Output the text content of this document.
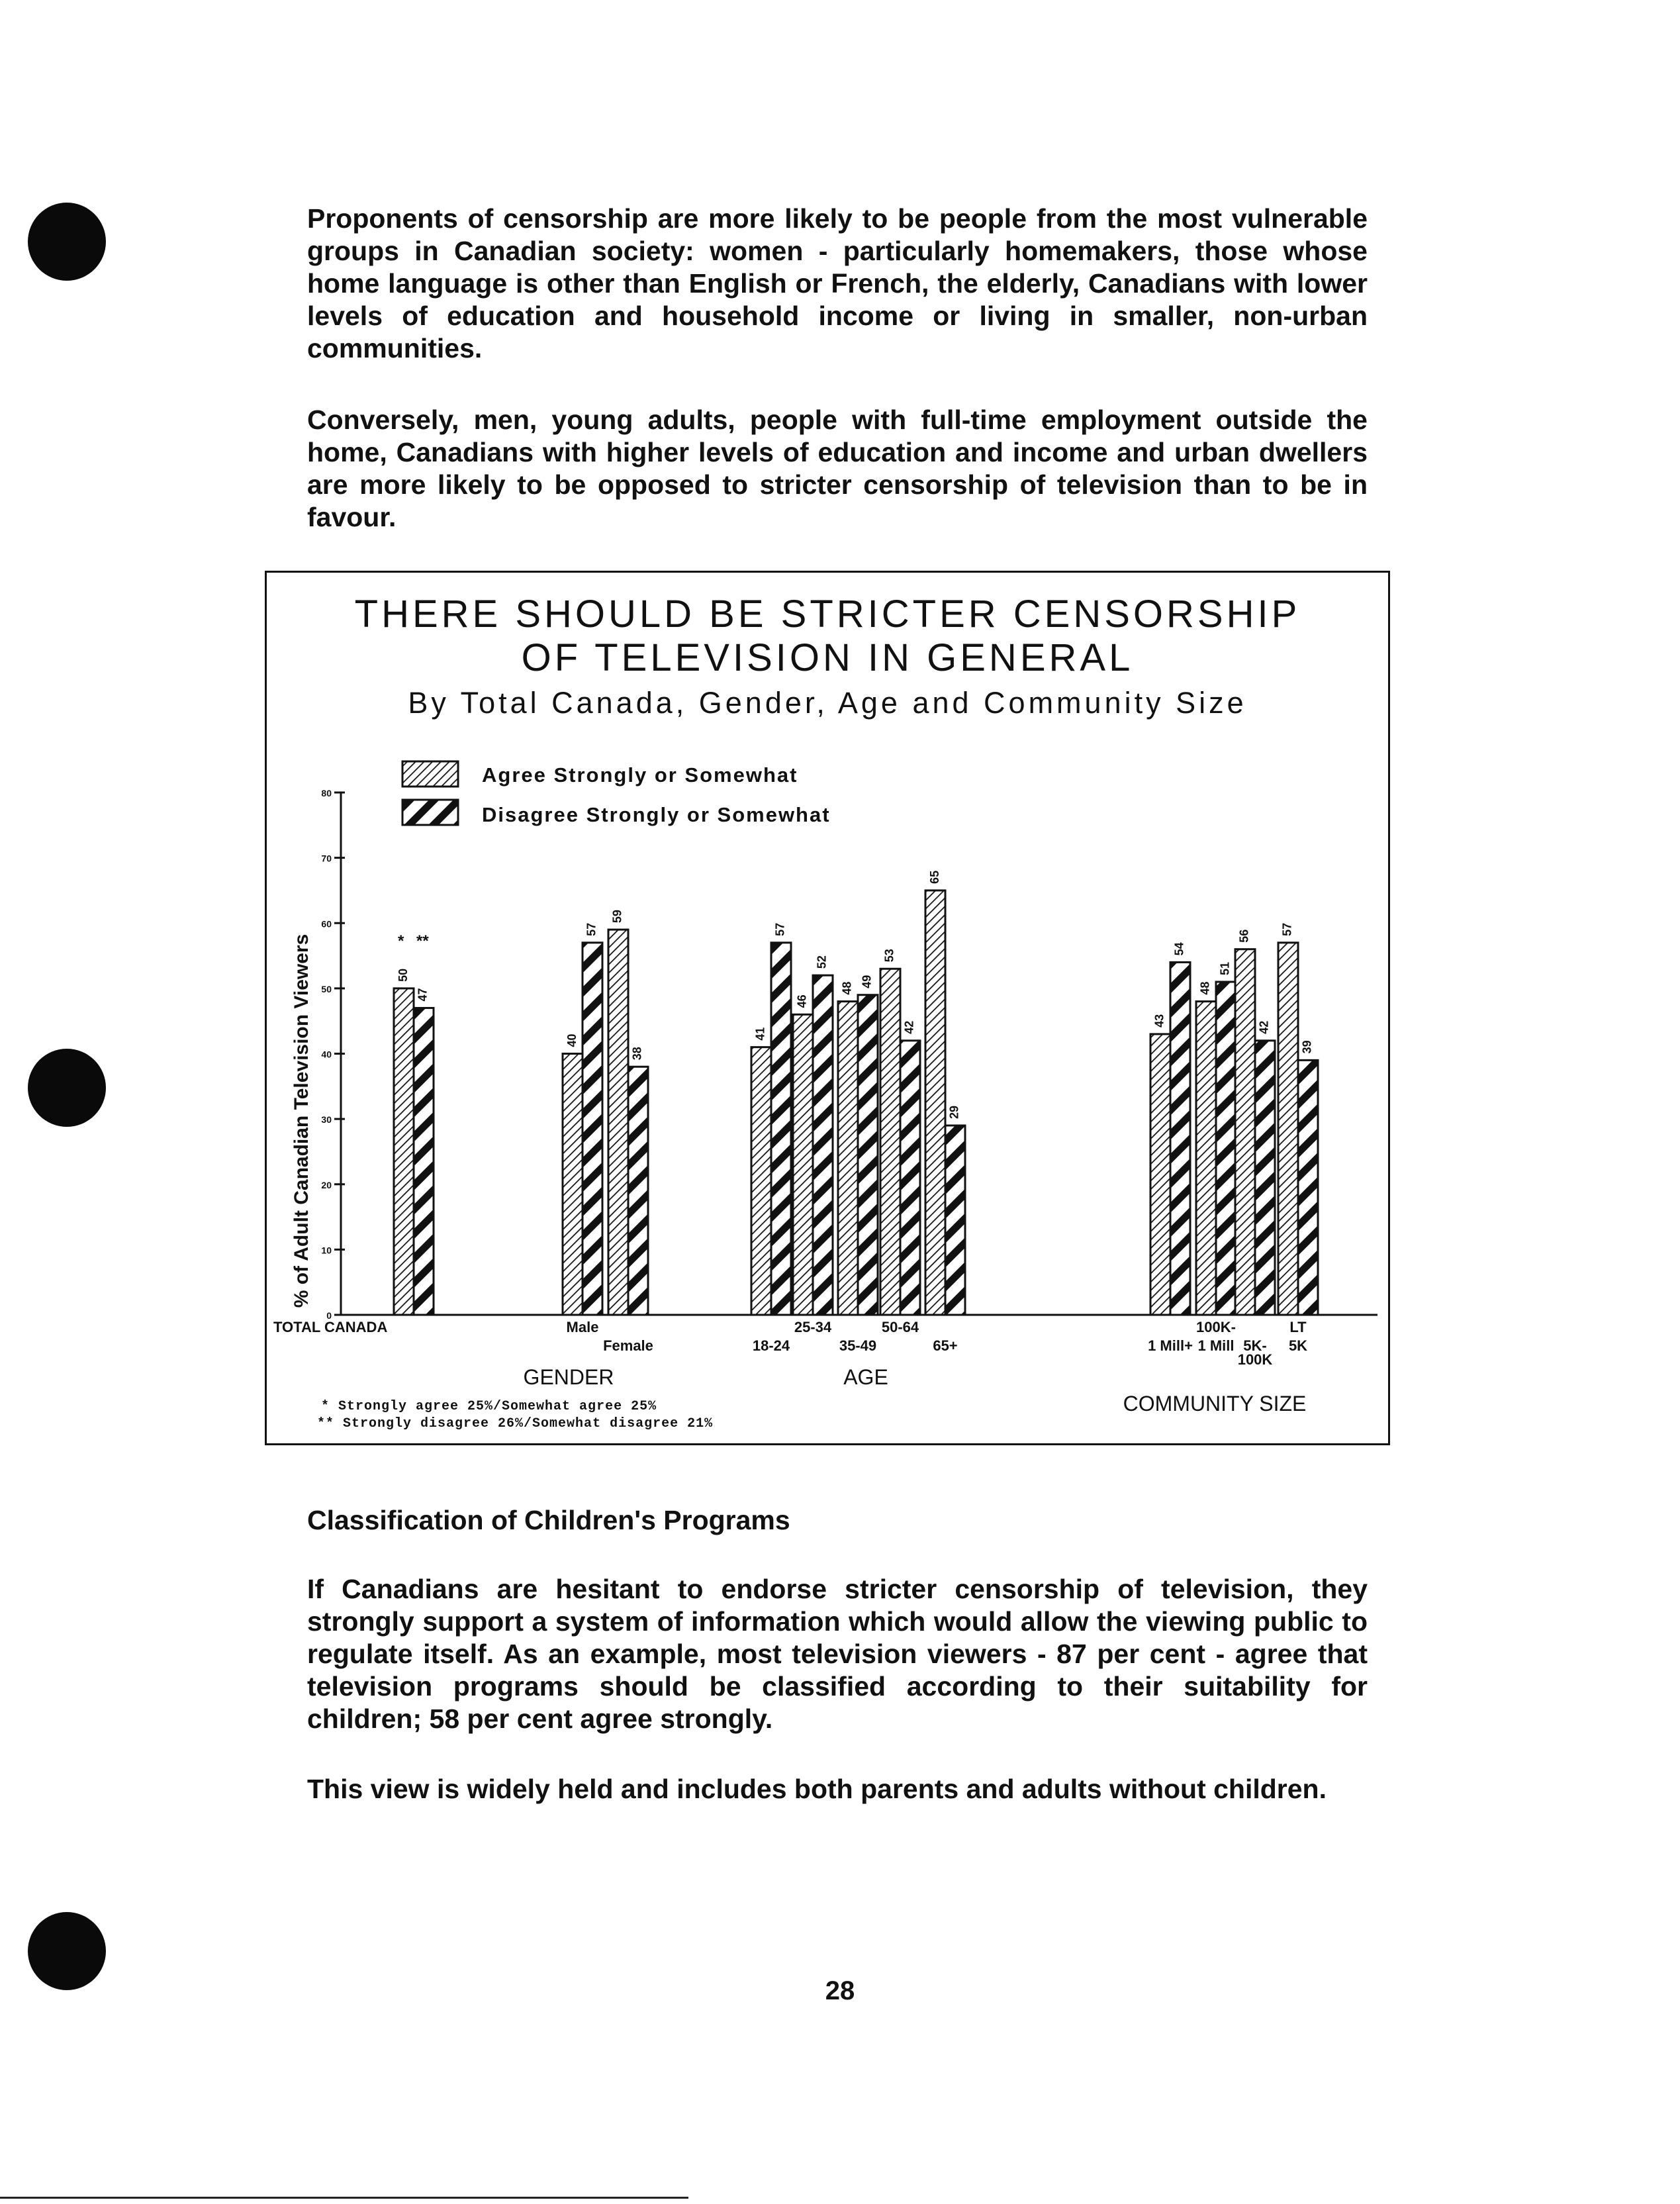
Proponents of censorship are more likely to be people from the most vulnerable groups in Canadian society: women - particularly homemakers, those whose home language is other than English or French, the elderly, Canadians with lower levels of education and household income or living in smaller, non-urban communities.

Conversely, men, young adults, people with full-time employment outside the home, Canadians with higher levels of education and income and urban dwellers are more likely to be opposed to stricter censorship of television than to be in favour.

THERE SHOULD BE STRICTER CENSORSHIP
OF TELEVISION IN GENERAL
By Total Canada, Gender, Age and Community Size
Agree Strongly or Somewhat
Disagree Strongly or Somewhat
% of Adult Canadian Television Viewers
0
10
20
30
40
50
60
70
80
50
47
40
57
59
38
41
57
46
52
48 49
53
42
65
29
43
54
48
51
56
42
57
39
TOTAL CANADA	Male
Female	18-24
25-34
35-49
50-64
65+	1 Mill+
100K-
1 Mill 5K-
100K
LT
5K
* **
GENDER	AGE
COMMUNITY SIZE
* Strongly agree 25%/Somewhat agree 25%
** Strongly disagree 26%/Somewhat disagree 21%
Classification of Children's Programs

If Canadians are hesitant to endorse stricter censorship of television, they strongly support a system of information which would allow the viewing public to regulate itself. As an example, most television viewers - 87 per cent - agree that television programs should be classified according to their suitability for children; 58 per cent agree strongly.

This view is widely held and includes both parents and adults without children.

28
